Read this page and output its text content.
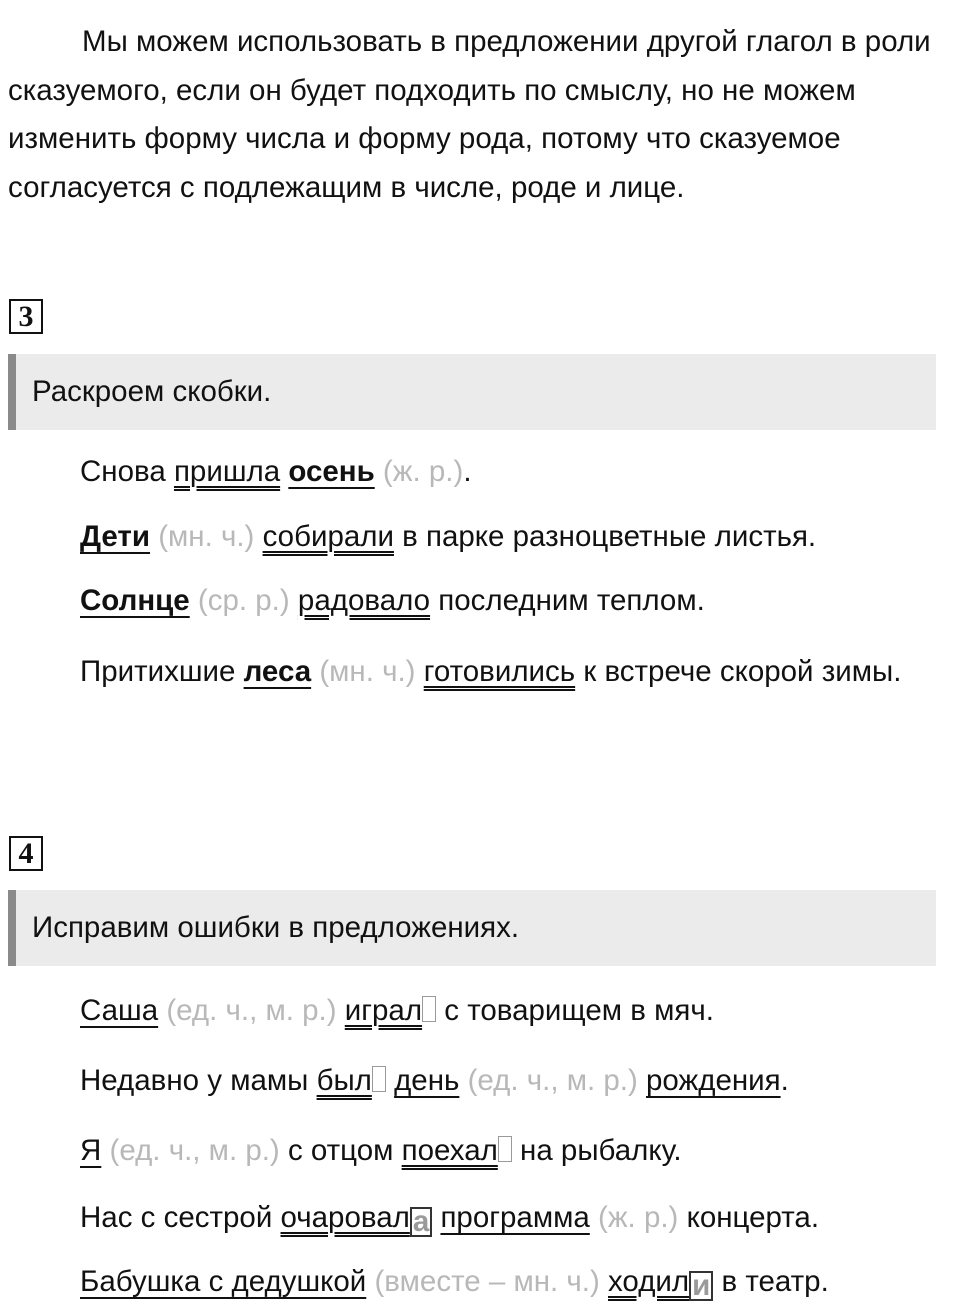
Мы можем использовать в предложении другой глагол в роли сказуемого, если он будет подходить по смыслу, но не можем изменить форму числа и форму рода, потому что сказуемое согласуется с подлежащим в числе, роде и лице.

3
Раскроем скобки.
Снова пришла осень (ж. р.).
Дети (мн. ч.) собирали в парке разноцветные листья.
Солнце (ср. р.) радовало последним теплом.
Притихшие леса (мн. ч.) готовились к встрече скорой зимы.
4
Исправим ошибки в предложениях.
Саша (ед. ч., м. р.) играл с товарищем в мяч.
Недавно у мамы был день (ед. ч., м. р.) рождения.
Я (ед. ч., м. р.) с отцом поехал на рыбалку.
Нас с сестрой очаровал а программа (ж. р.) концерта.
Бабушка с дедушкой (вместе – мн. ч.) ходил и в театр.
